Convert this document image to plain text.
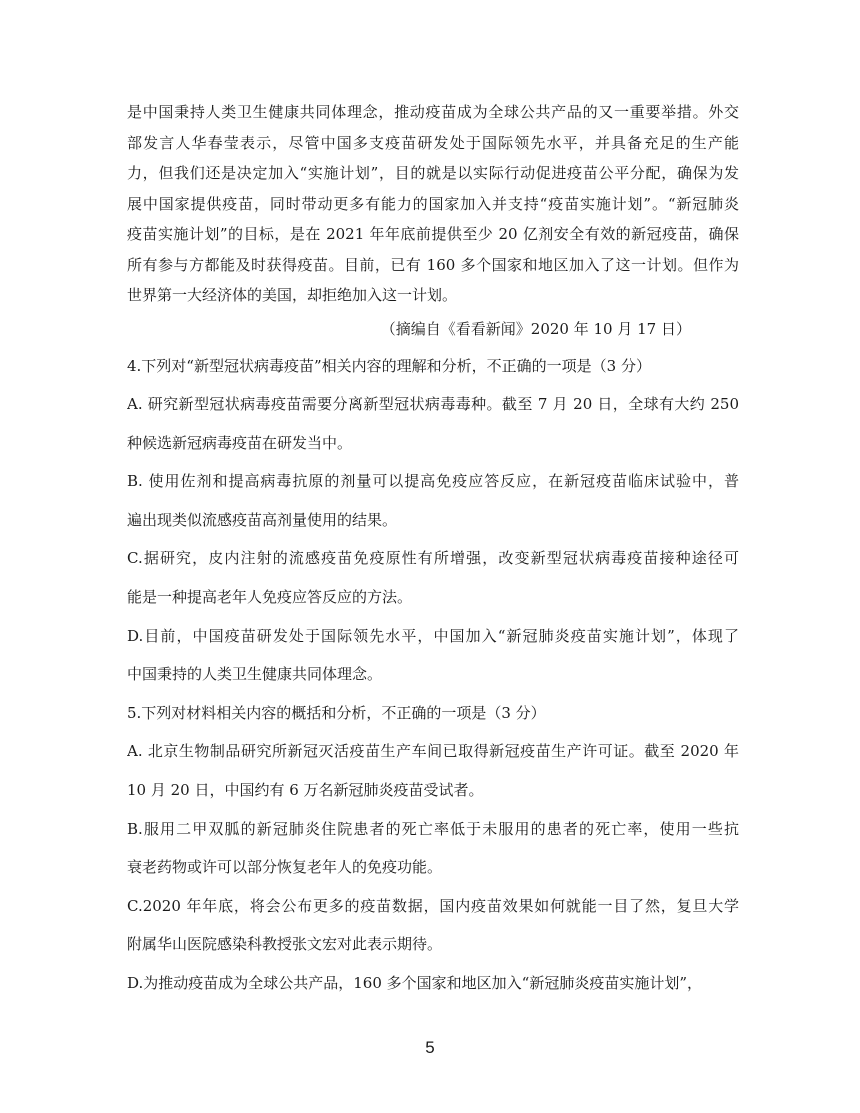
是中国秉持人类卫生健康共同体理念，推动疫苗成为全球公共产品的又一重要举措。外交
部发言人华春莹表示，尽管中国多支疫苗研发处于国际领先水平，并具备充足的生产能
力，但我们还是决定加入“实施计划”，目的就是以实际行动促进疫苗公平分配，确保为发
展中国家提供疫苗，同时带动更多有能力的国家加入并支持“疫苗实施计划”。“新冠肺炎
疫苗实施计划”的目标，是在 2021 年年底前提供至少 20 亿剂安全有效的新冠疫苗，确保
所有参与方都能及时获得疫苗。目前，已有 160 多个国家和地区加入了这一计划。但作为
世界第一大经济体的美国，却拒绝加入这一计划。
（摘编自《看看新闻》2020 年 10 月 17 日）
4.下列对“新型冠状病毒疫苗”相关内容的理解和分析，不正确的一项是（3 分）
A. 研究新型冠状病毒疫苗需要分离新型冠状病毒毒种。截至 7 月 20 日，全球有大约 250
种候选新冠病毒疫苗在研发当中。
B. 使用佐剂和提高病毒抗原的剂量可以提高免疫应答反应，在新冠疫苗临床试验中，普
遍出现类似流感疫苗高剂量使用的结果。
C.据研究，皮内注射的流感疫苗免疫原性有所增强，改变新型冠状病毒疫苗接种途径可
能是一种提高老年人免疫应答反应的方法。
D.目前，中国疫苗研发处于国际领先水平，中国加入“新冠肺炎疫苗实施计划”，体现了
中国秉持的人类卫生健康共同体理念。
5.下列对材料相关内容的概括和分析，不正确的一项是（3 分）
A. 北京生物制品研究所新冠灭活疫苗生产车间已取得新冠疫苗生产许可证。截至 2020 年
10 月 20 日，中国约有 6 万名新冠肺炎疫苗受试者。
B.服用二甲双胍的新冠肺炎住院患者的死亡率低于未服用的患者的死亡率，使用一些抗
衰老药物或许可以部分恢复老年人的免疫功能。
C.2020 年年底，将会公布更多的疫苗数据，国内疫苗效果如何就能一目了然，复旦大学
附属华山医院感染科教授张文宏对此表示期待。
D.为推动疫苗成为全球公共产品，160 多个国家和地区加入“新冠肺炎疫苗实施计划”，
5
